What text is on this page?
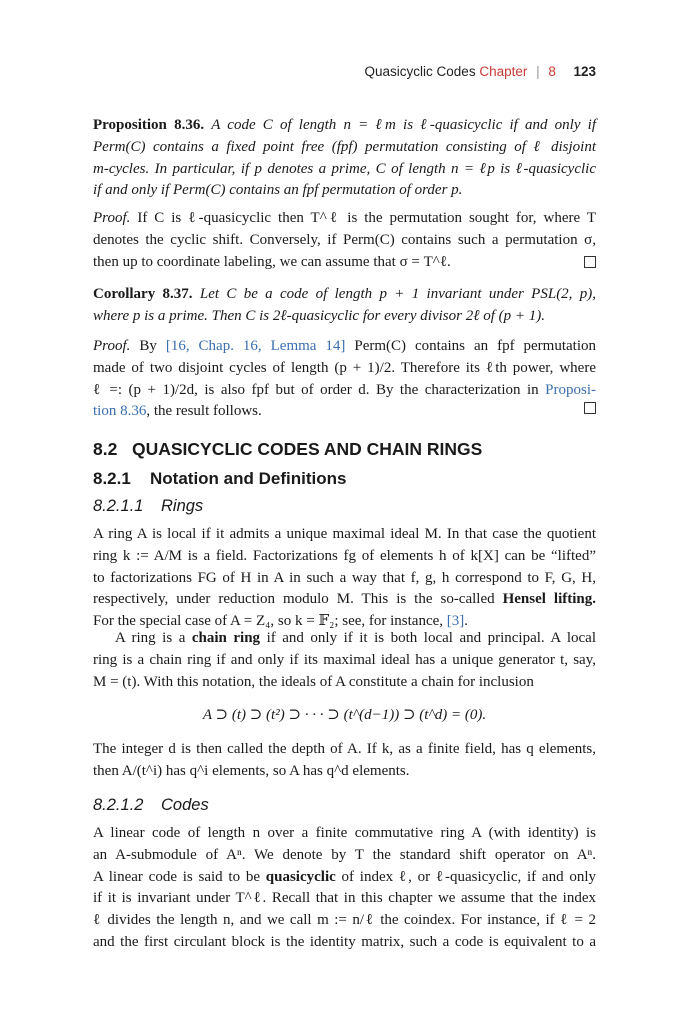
Quasicyclic Codes Chapter | 8 123
Proposition 8.36. A code C of length n = ℓm is ℓ-quasicyclic if and only if
Perm(C) contains a fixed point free (fpf) permutation consisting of ℓ disjoint
m-cycles. In particular, if p denotes a prime, C of length n = ℓp is ℓ-quasicyclic
if and only if Perm(C) contains an fpf permutation of order p.
Proof. If C is ℓ-quasicyclic then T^ℓ is the permutation sought for, where T
denotes the cyclic shift. Conversely, if Perm(C) contains such a permutation σ,
then up to coordinate labeling, we can assume that σ = T^ℓ.
Corollary 8.37. Let C be a code of length p + 1 invariant under PSL(2, p),
where p is a prime. Then C is 2ℓ-quasicyclic for every divisor 2ℓ of (p + 1).
Proof. By [16, Chap. 16, Lemma 14] Perm(C) contains an fpf permutation
made of two disjoint cycles of length (p + 1)/2. Therefore its ℓth power, where
ℓ =: (p + 1)/2d, is also fpf but of order d. By the characterization in Proposi-
tion 8.36, the result follows.
8.2 QUASICYCLIC CODES AND CHAIN RINGS
8.2.1 Notation and Definitions
8.2.1.1 Rings
A ring A is local if it admits a unique maximal ideal M. In that case the quotient
ring k := A/M is a field. Factorizations fg of elements h of k[X] can be “lifted”
to factorizations FG of H in A in such a way that f, g, h correspond to F, G, H,
respectively, under reduction modulo M. This is the so-called Hensel lifting.
For the special case of A = Z₄, so k = 𝔽₂; see, for instance, [3].
A ring is a chain ring if and only if it is both local and principal. A local
ring is a chain ring if and only if its maximal ideal has a unique generator t, say,
M = (t). With this notation, the ideals of A constitute a chain for inclusion
A ⊃ (t) ⊃ (t²) ⊃ · · · ⊃ (t^(d−1)) ⊃ (t^d) = (0).
The integer d is then called the depth of A. If k, as a finite field, has q elements,
then A/(t^i) has q^i elements, so A has q^d elements.
8.2.1.2 Codes
A linear code of length n over a finite commutative ring A (with identity) is
an A-submodule of Aⁿ. We denote by T the standard shift operator on Aⁿ.
A linear code is said to be quasicyclic of index ℓ, or ℓ-quasicyclic, if and only
if it is invariant under T^ℓ. Recall that in this chapter we assume that the index
ℓ divides the length n, and we call m := n/ℓ the coindex. For instance, if ℓ = 2
and the first circulant block is the identity matrix, such a code is equivalent to a
